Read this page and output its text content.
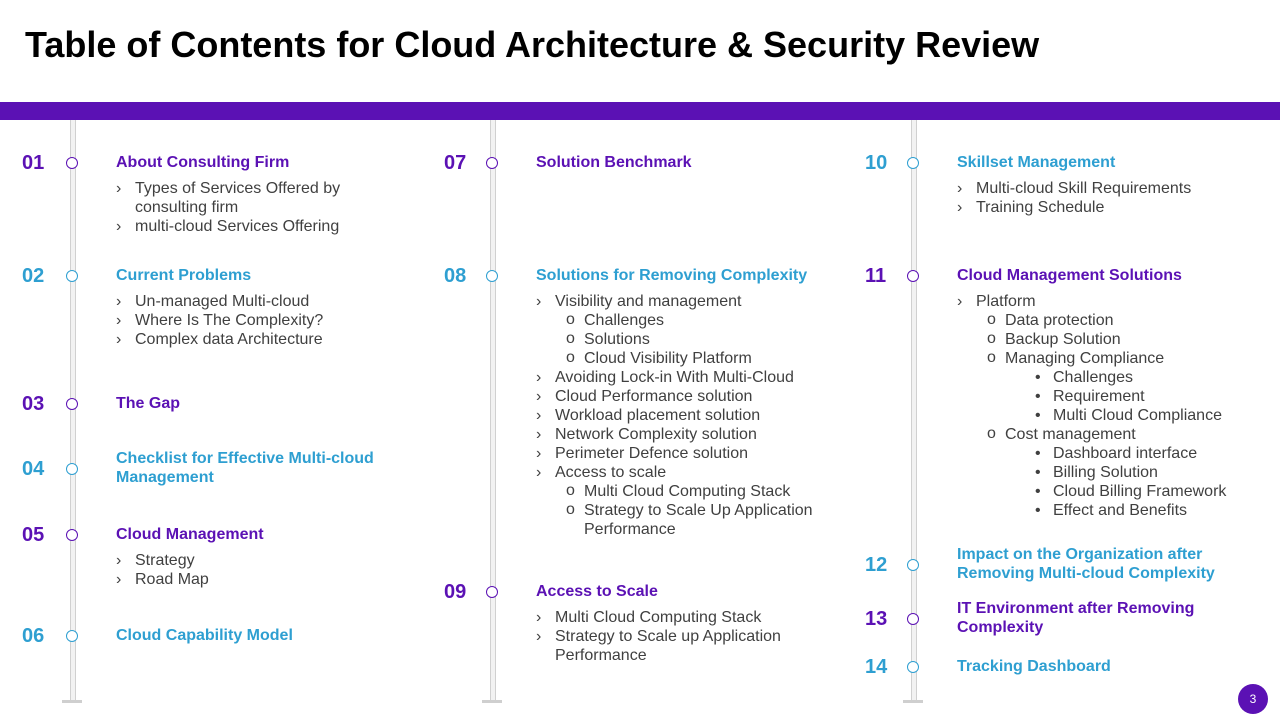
Table of Contents for Cloud Architecture & Security Review
01	About Consulting Firm
› Types of Services Offered by consulting firm
› multi-cloud Services Offering
02	Current Problems
› Un-managed Multi-cloud
› Where Is The Complexity?
› Complex data Architecture
03	The Gap
04	Checklist for Effective Multi-cloud Management
05	Cloud Management
› Strategy
› Road Map
06	Cloud Capability Model
07	Solution Benchmark
08	Solutions for Removing Complexity
› Visibility and management
o Challenges
o Solutions
o Cloud Visibility Platform
› Avoiding Lock-in With Multi-Cloud
› Cloud Performance solution
› Workload placement solution
› Network Complexity solution
› Perimeter Defence solution
› Access to scale
o Multi Cloud Computing Stack
o Strategy to Scale Up Application Performance
09	Access to Scale
› Multi Cloud Computing Stack
› Strategy to Scale up Application Performance
10	Skillset Management
› Multi-cloud Skill Requirements
› Training Schedule
11	Cloud Management Solutions
› Platform
o Data protection
o Backup Solution
o Managing Compliance
• Challenges
• Requirement
• Multi Cloud Compliance
o Cost management
• Dashboard interface
• Billing Solution
• Cloud Billing Framework
• Effect and Benefits
12	Impact on the Organization after Removing Multi-cloud Complexity
13	IT Environment after Removing Complexity
14	Tracking Dashboard
3
